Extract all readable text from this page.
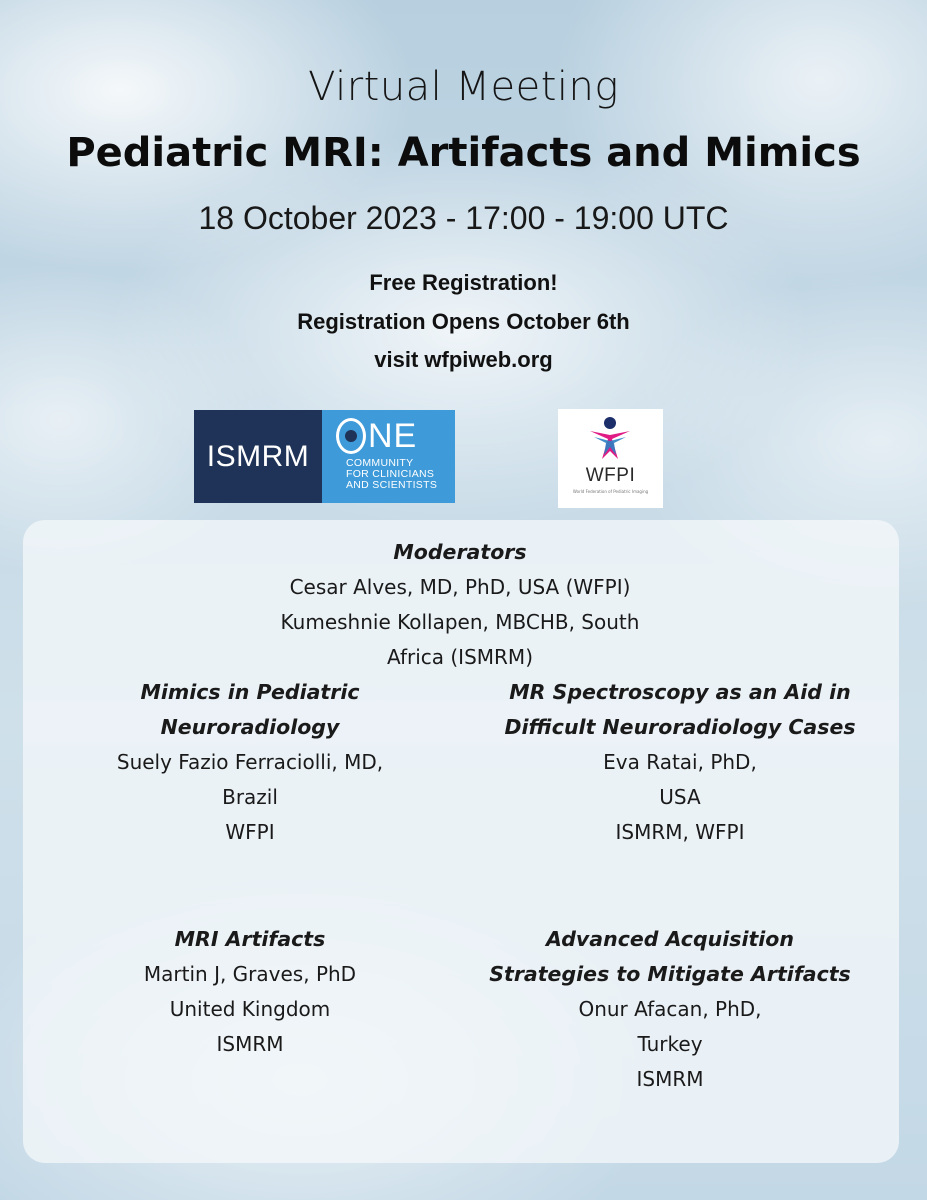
Virtual Meeting
Pediatric MRI: Artifacts and Mimics
18 October 2023 - 17:00 - 19:00 UTC
Free Registration!
Registration Opens October 6th
visit wfpiweb.org
ISMRM
NE
COMMUNITY
FOR CLINICIANS
AND SCIENTISTS	WFPI
World Federation of Pediatric Imaging
Moderators
Cesar Alves, MD, PhD, USA (WFPI)
Kumeshnie Kollapen, MBCHB, South
Africa (ISMRM)
Mimics in Pediatric
Neuroradiology
Suely Fazio Ferraciolli, MD,
Brazil
WFPI
MR Spectroscopy as an Aid in
Difficult Neuroradiology Cases
Eva Ratai, PhD,
USA
ISMRM, WFPI
MRI Artifacts
Martin J, Graves, PhD
United Kingdom
ISMRM
Advanced Acquisition
Strategies to Mitigate Artifacts
Onur Afacan, PhD,
Turkey
ISMRM
